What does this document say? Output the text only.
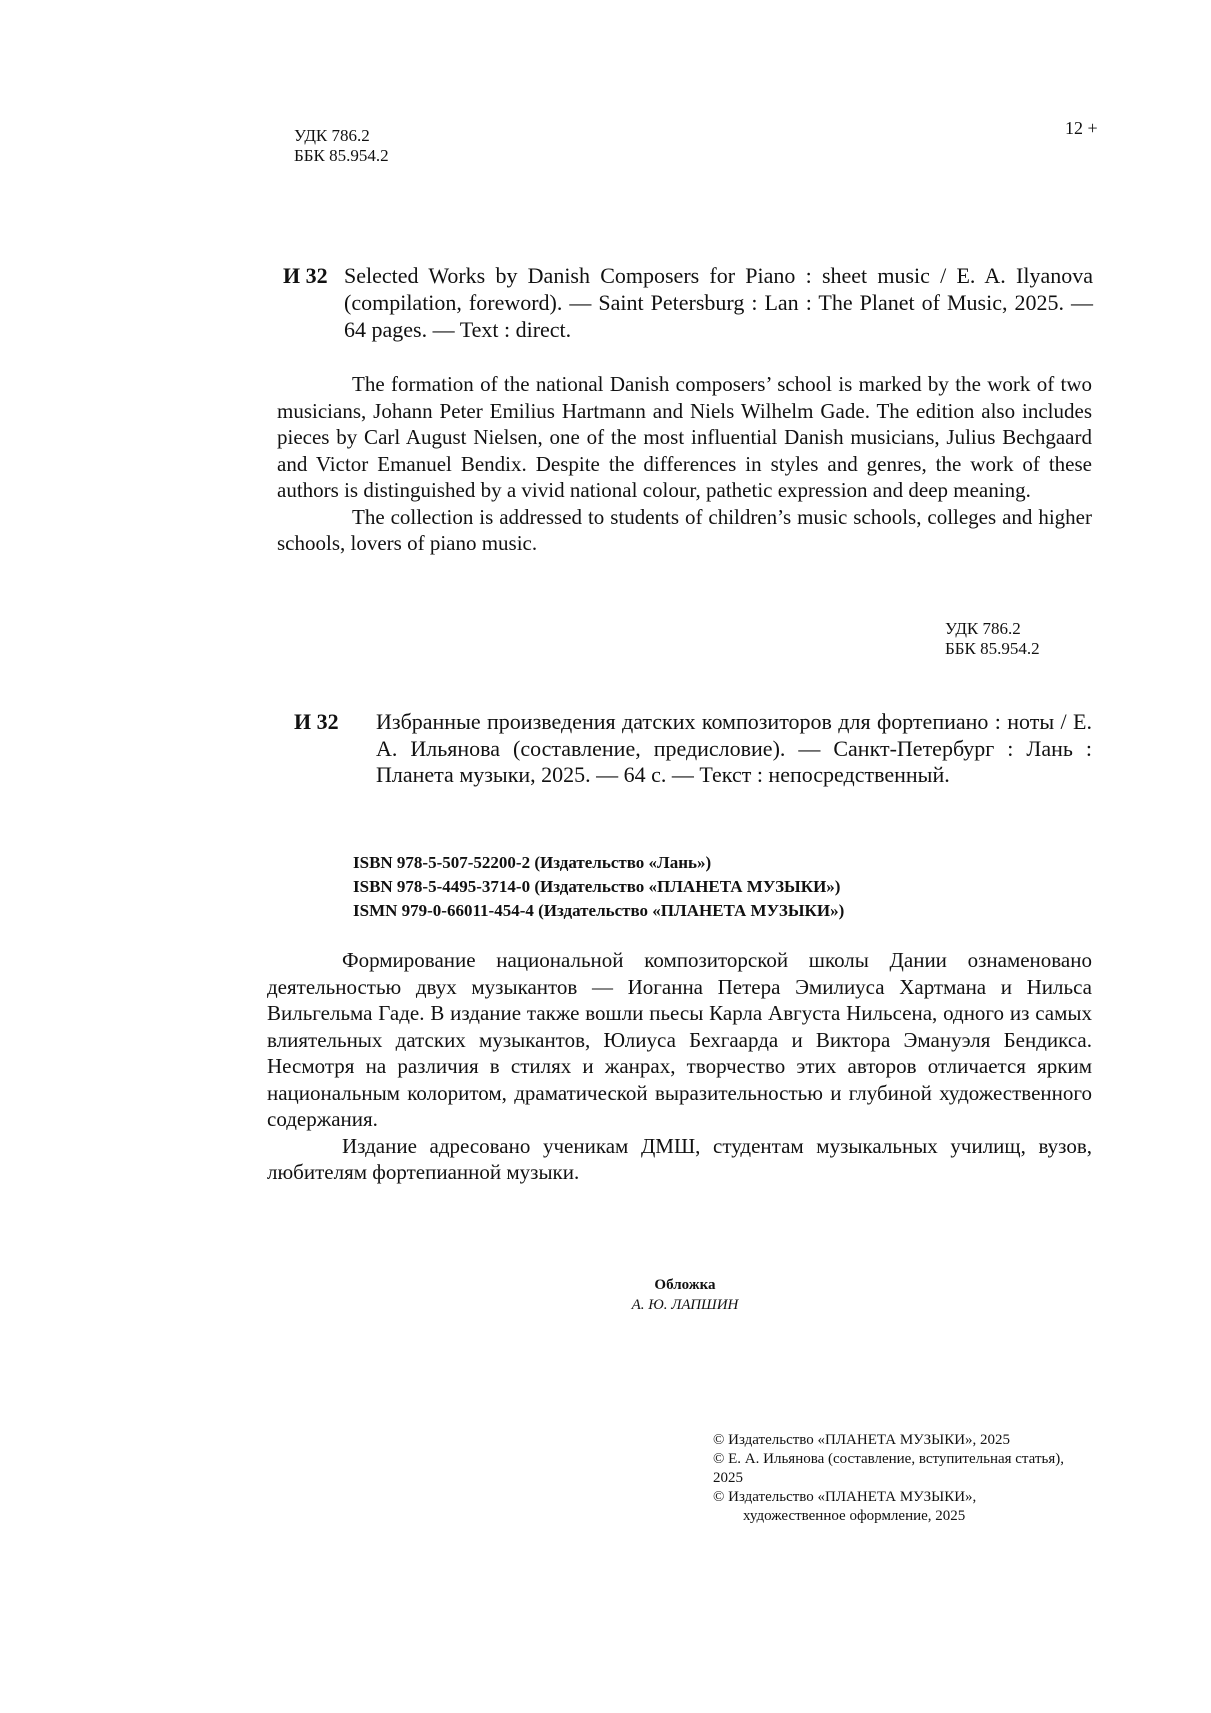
УДК 786.2
ББК 85.954.2
12 +
И 32 Selected Works by Danish Composers for Piano : sheet music / E. A. Ilyanova (compilation, foreword). — Saint Petersburg : Lan : The Planet of Music, 2025. — 64 pages. — Text : direct.

The formation of the national Danish composers’ school is marked by the work of two musicians, Johann Peter Emilius Hartmann and Niels Wilhelm Gade. The edition also includes pieces by Carl August Nielsen, one of the most influential Danish musicians, Julius Bechgaard and Victor Emanuel Bendix. Despite the differences in styles and genres, the work of these authors is distinguished by a vivid national colour, pathetic expression and deep meaning.

The collection is addressed to students of children’s music schools, colleges and higher schools, lovers of piano music.

УДК 786.2
ББК 85.954.2
И 32 Избранные произведения датских композиторов для фортепиано : ноты / Е. А. Ильянова (составление, предисловие). — Санкт-Петербург : Лань : Планета музыки, 2025. — 64 с. — Текст : непосредственный.
ISBN 978-5-507-52200-2 (Издательство «Лань»)
ISBN 978-5-4495-3714-0 (Издательство «ПЛАНЕТА МУЗЫКИ»)
ISMN 979-0-66011-454-4 (Издательство «ПЛАНЕТА МУЗЫКИ»)

Формирование национальной композиторской школы Дании ознаменовано деятельностью двух музыкантов — Иоганна Петера Эмилиуса Хартмана и Нильса Вильгельма Гаде. В издание также вошли пьесы Карла Августа Нильсена, одного из самых влиятельных датских музыкантов, Юлиуса Бехгаарда и Виктора Эмануэля Бендикса. Несмотря на различия в стилях и жанрах, творчество этих авторов отличается ярким национальным колоритом, драматической выразительностью и глубиной художественного содержания.

Издание адресовано ученикам ДМШ, студентам музыкальных училищ, вузов, любителям фортепианной музыки.

Обложка
А. Ю. ЛАПШИН

© Издательство «ПЛАНЕТА МУЗЫКИ», 2025

© Е. А. Ильянова (составление, вступительная статья), 2025

© Издательство «ПЛАНЕТА МУЗЫКИ»,

художественное оформление, 2025
